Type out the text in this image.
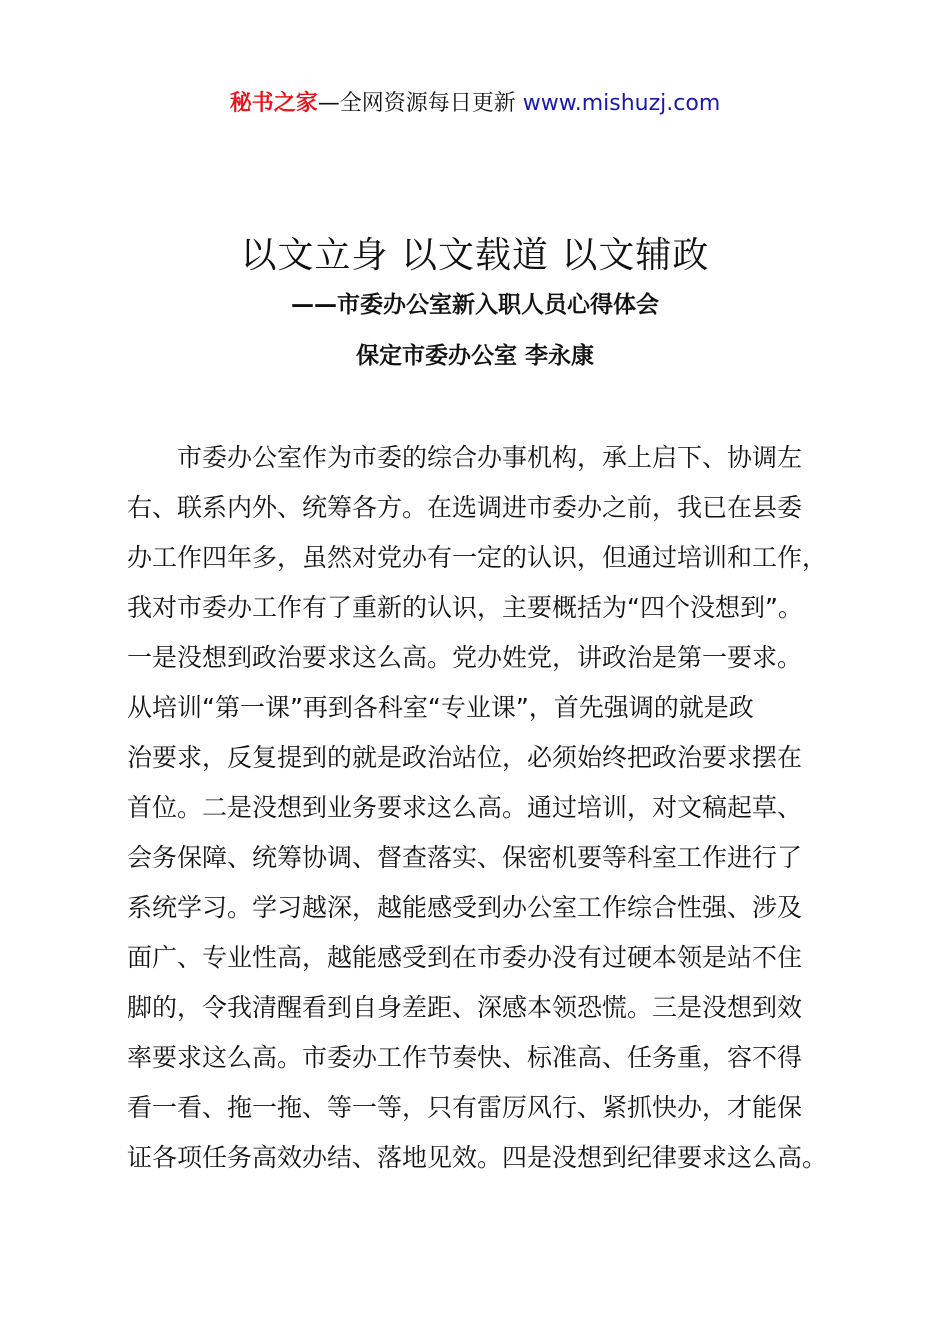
秘书之家—全网资源每日更新 www.mishuzj.com
以文立身 以文载道 以文辅政
——市委办公室新入职人员心得体会
保定市委办公室 李永康
市委办公室作为市委的综合办事机构，承上启下、协调左
右、联系内外、统筹各方。在选调进市委办之前，我已在县委
办工作四年多，虽然对党办有一定的认识，但通过培训和工作，
我对市委办工作有了重新的认识，主要概括为“四个没想到”。
一是没想到政治要求这么高。党办姓党，讲政治是第一要求。
从培训“第一课”再到各科室“专业课”，首先强调的就是政
治要求，反复提到的就是政治站位，必须始终把政治要求摆在
首位。二是没想到业务要求这么高。通过培训，对文稿起草、
会务保障、统筹协调、督查落实、保密机要等科室工作进行了
系统学习。学习越深，越能感受到办公室工作综合性强、涉及
面广、专业性高，越能感受到在市委办没有过硬本领是站不住
脚的，令我清醒看到自身差距、深感本领恐慌。三是没想到效
率要求这么高。市委办工作节奏快、标准高、任务重，容不得
看一看、拖一拖、等一等，只有雷厉风行、紧抓快办，才能保
证各项任务高效办结、落地见效。四是没想到纪律要求这么高。
